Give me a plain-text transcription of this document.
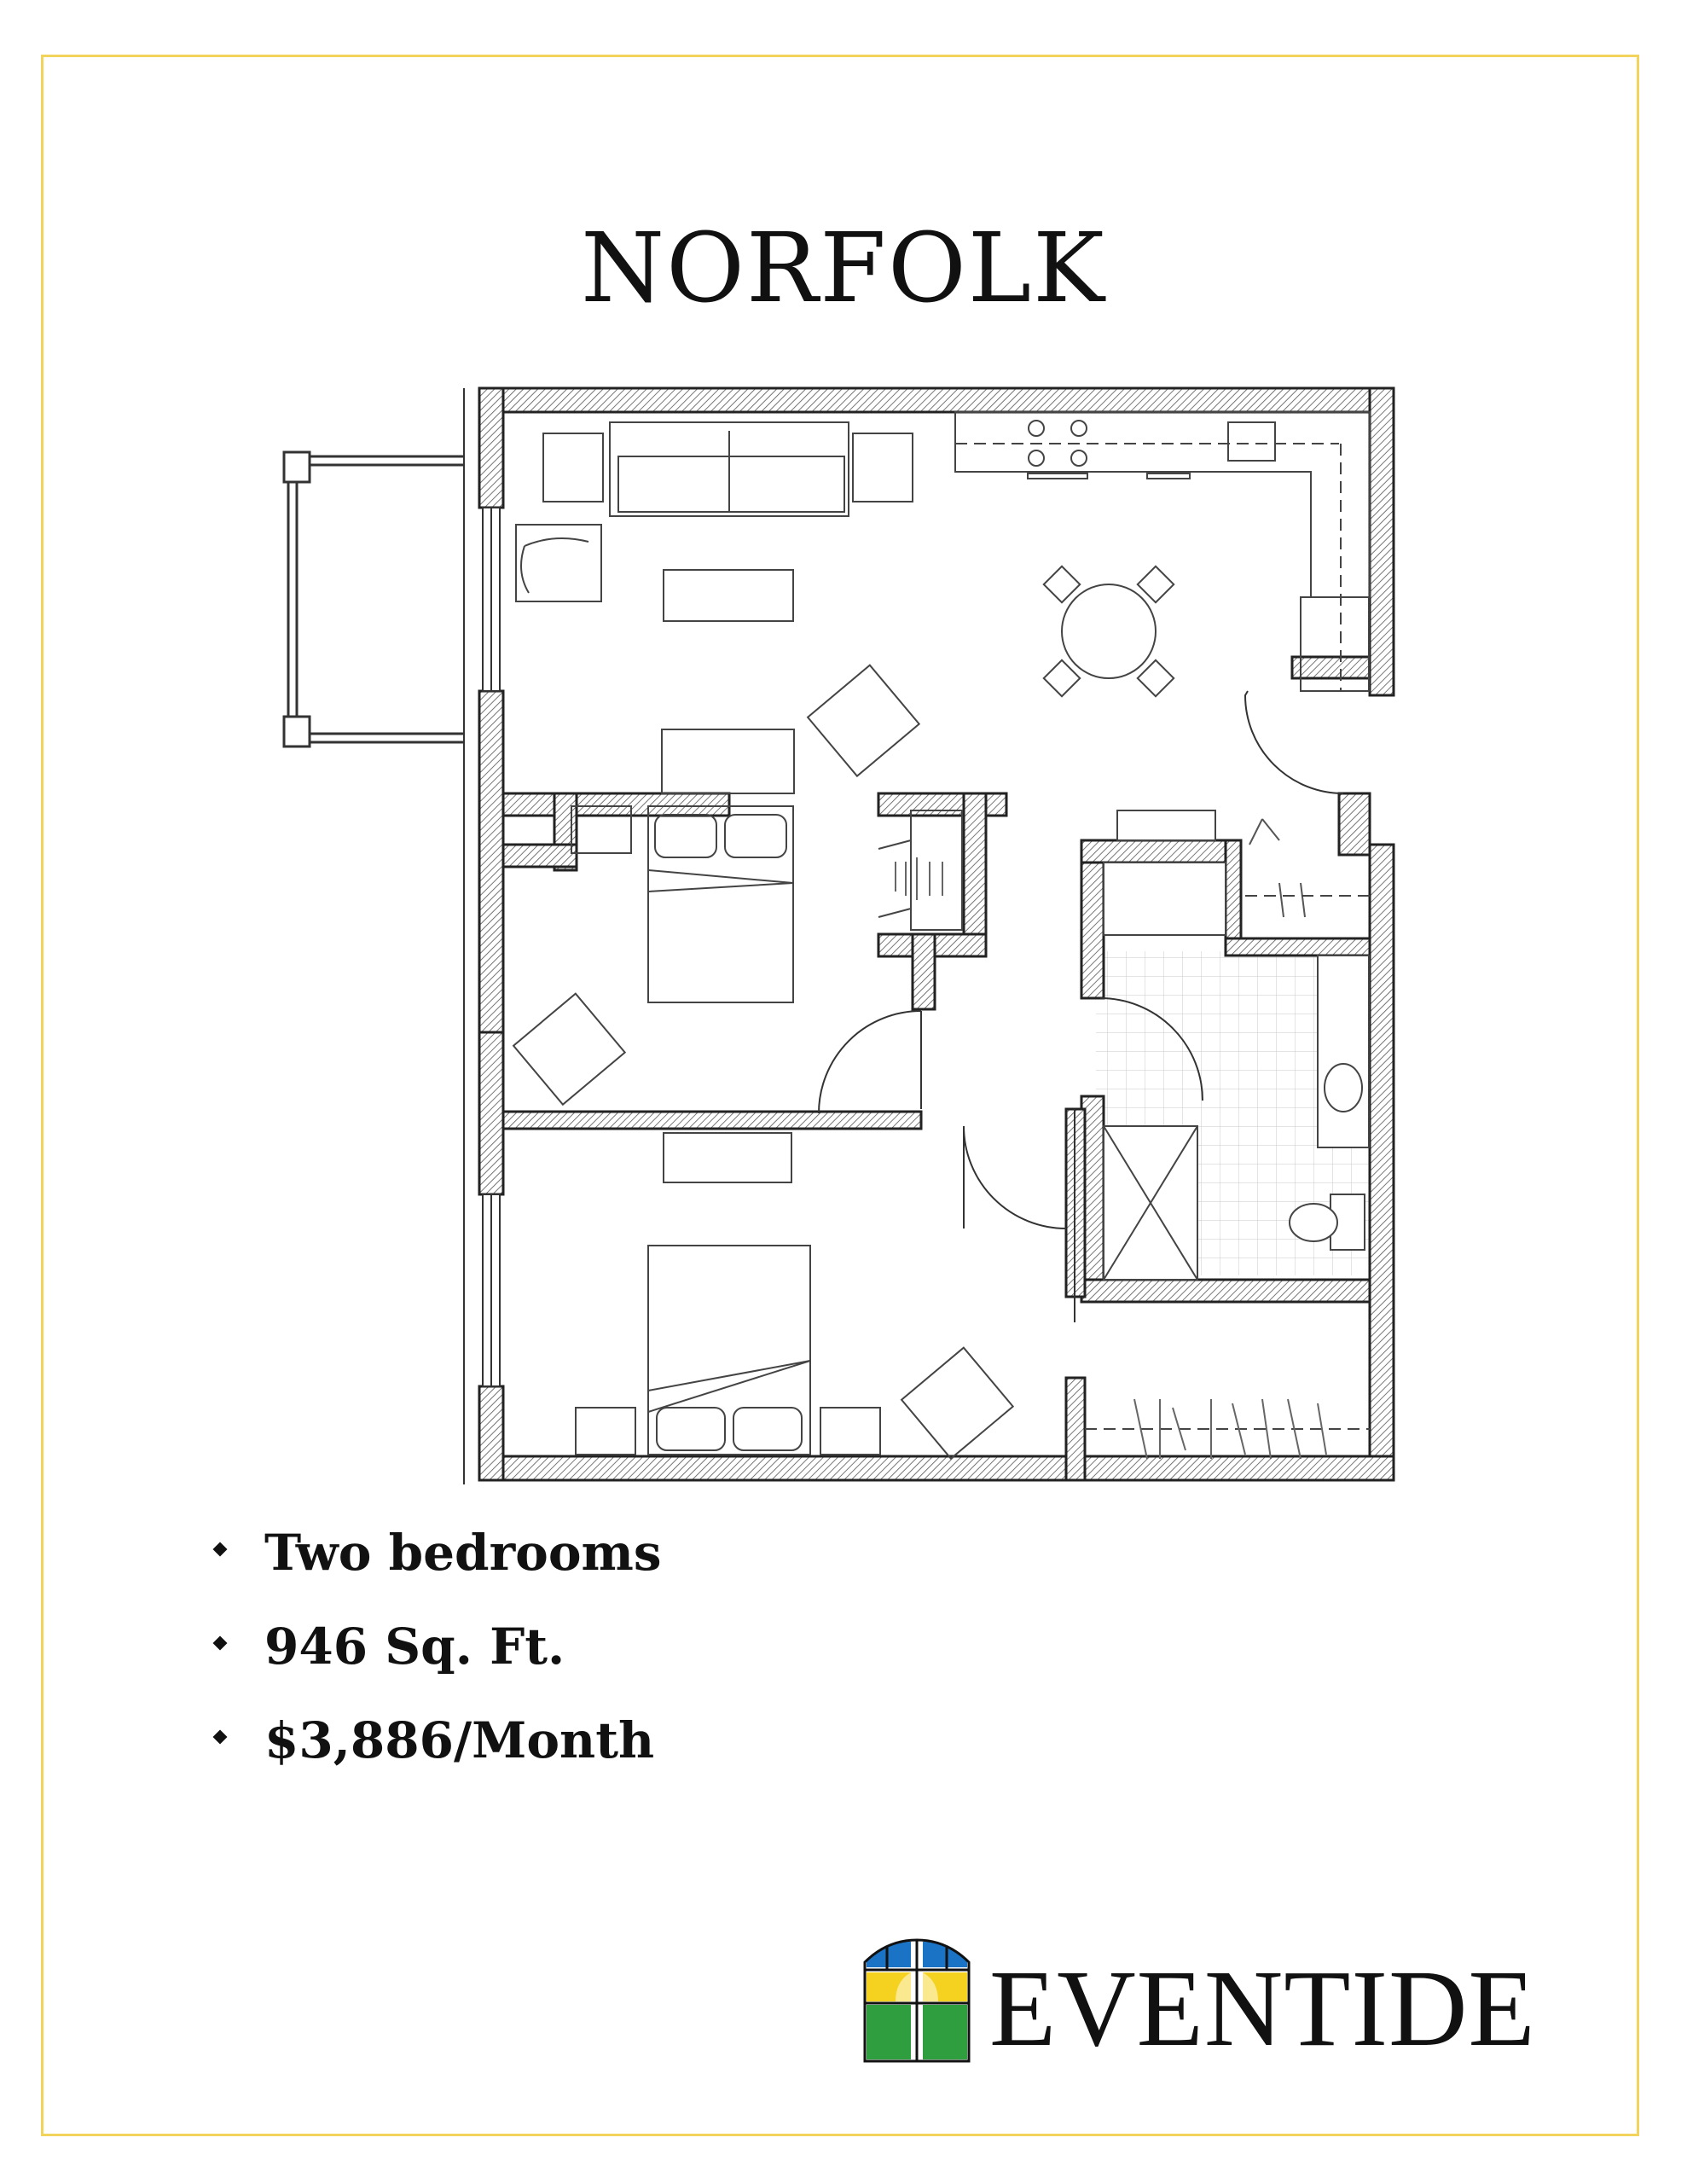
NORFOLK
Two bedrooms
946 Sq. Ft.
$3,886/Month
EVENTIDE
